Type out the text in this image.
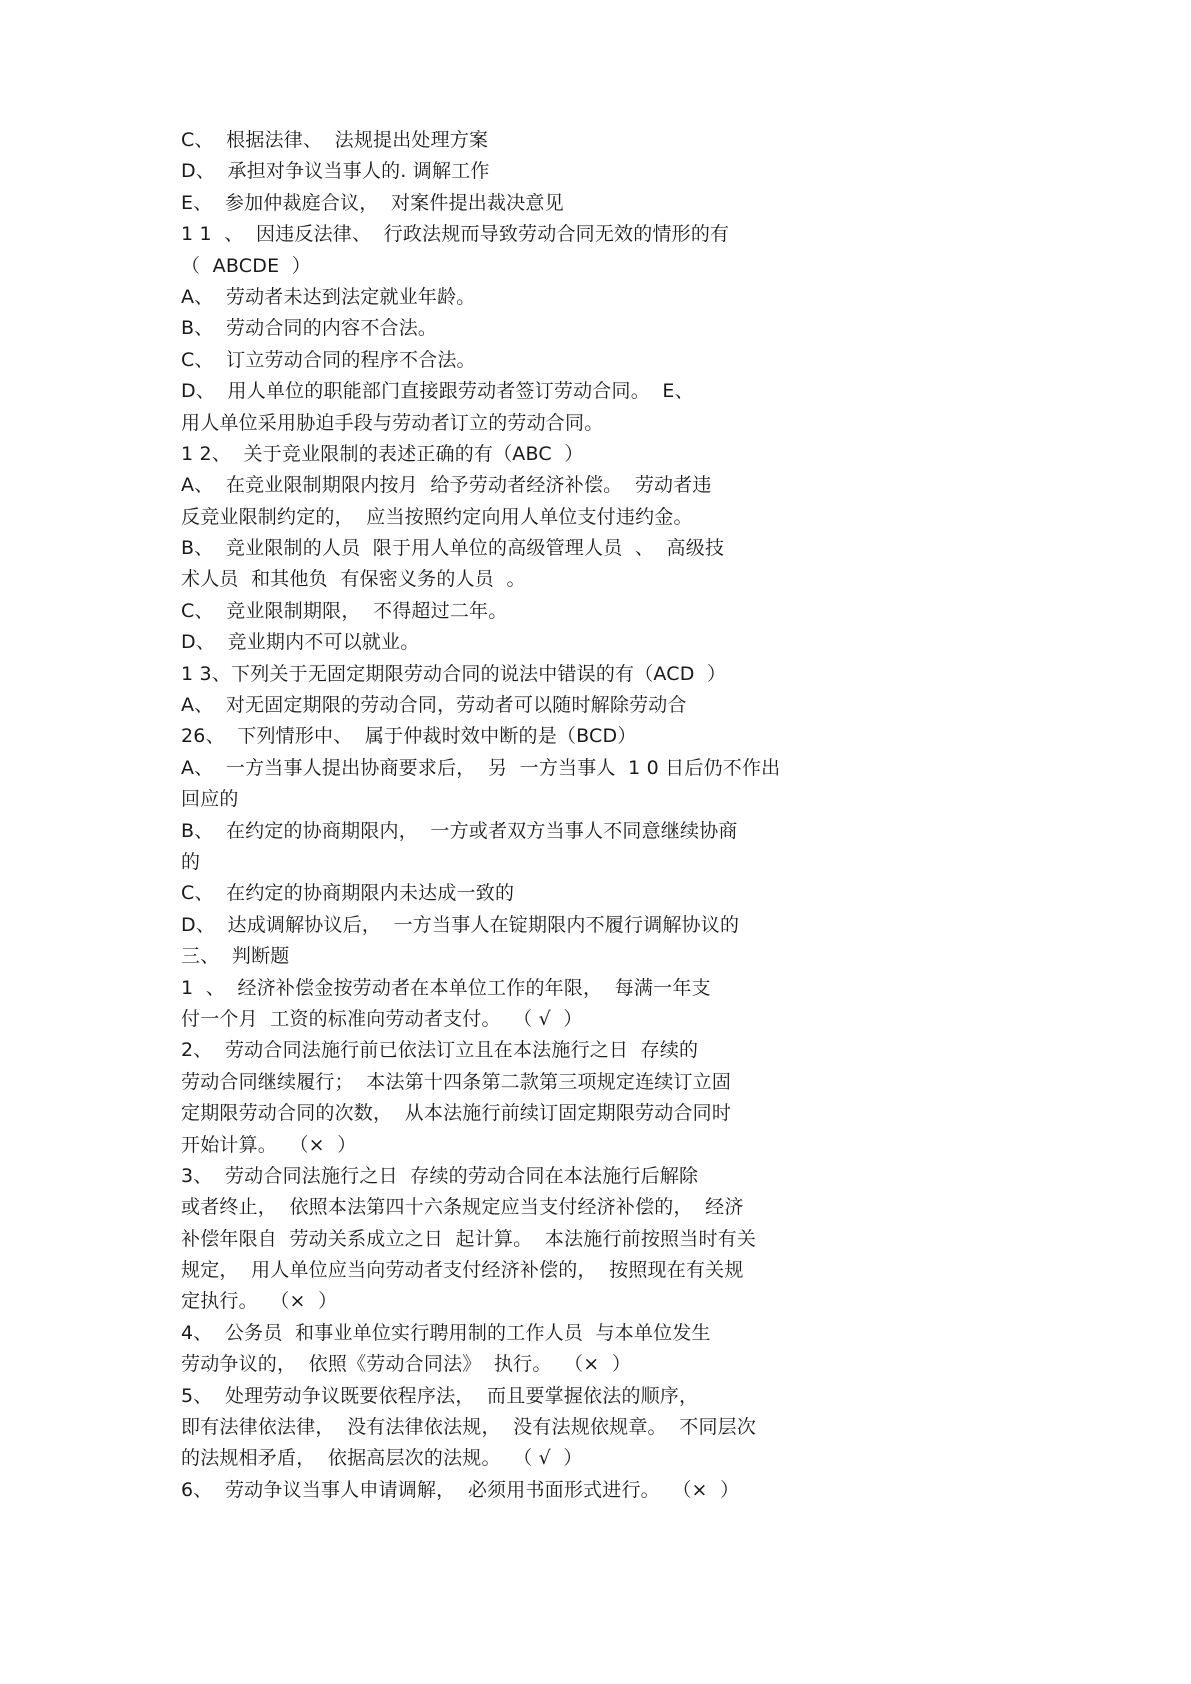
C、  根据法律、  法规提出处理方案
D、  承担对争议当事人的. 调解工作
E、  参加仲裁庭合议，  对案件提出裁决意见
1 1  、  因违反法律、  行政法规而导致劳动合同无效的情形的有
（  ABCDE  ）
A、  劳动者未达到法定就业年龄。
B、  劳动合同的内容不合法。
C、  订立劳动合同的程序不合法。
D、  用人单位的职能部门直接跟劳动者签订劳动合同。  E、
用人单位采用胁迫手段与劳动者订立的劳动合同。
1 2、  关于竞业限制的表述正确的有（ABC  ）
A、  在竞业限制期限内按月  给予劳动者经济补偿。  劳动者违
反竞业限制约定的，  应当按照约定向用人单位支付违约金。
B、  竞业限制的人员  限于用人单位的高级管理人员  、  高级技
术人员  和其他负  有保密义务的人员  。
C、  竞业限制期限，  不得超过二年。
D、  竞业期内不可以就业。
1 3、下列关于无固定期限劳动合同的说法中错误的有（ACD  ）
A、  对无固定期限的劳动合同，劳动者可以随时解除劳动合
26、  下列情形中、  属于仲裁时效中断的是（BCD）
A、  一方当事人提出协商要求后，  另  一方当事人  1 0 日后仍不作出
回应的
B、  在约定的协商期限内，  一方或者双方当事人不同意继续协商
的
C、  在约定的协商期限内未达成一致的
D、  达成调解协议后，  一方当事人在锭期限内不履行调解协议的
三、  判断题
1  、  经济补偿金按劳动者在本单位工作的年限，  每满一年支
付一个月  工资的标准向劳动者支付。  （ √  ）
2、  劳动合同法施行前已依法订立且在本法施行之日  存续的
劳动合同继续履行；  本法第十四条第二款第三项规定连续订立固
定期限劳动合同的次数，  从本法施行前续订固定期限劳动合同时
开始计算。  （×  ）
3、  劳动合同法施行之日  存续的劳动合同在本法施行后解除
或者终止，  依照本法第四十六条规定应当支付经济补偿的，  经济
补偿年限自  劳动关系成立之日  起计算。  本法施行前按照当时有关
规定，  用人单位应当向劳动者支付经济补偿的，  按照现在有关规
定执行。  （×  ）
4、  公务员  和事业单位实行聘用制的工作人员  与本单位发生
劳动争议的，  依照《劳动合同法》  执行。  （×  ）
5、  处理劳动争议既要依程序法，  而且要掌握依法的顺序，
即有法律依法律，  没有法律依法规，  没有法规依规章。  不同层次
的法规相矛盾，  依据高层次的法规。  （ √  ）
6、  劳动争议当事人申请调解，  必须用书面形式进行。  （×  ）
